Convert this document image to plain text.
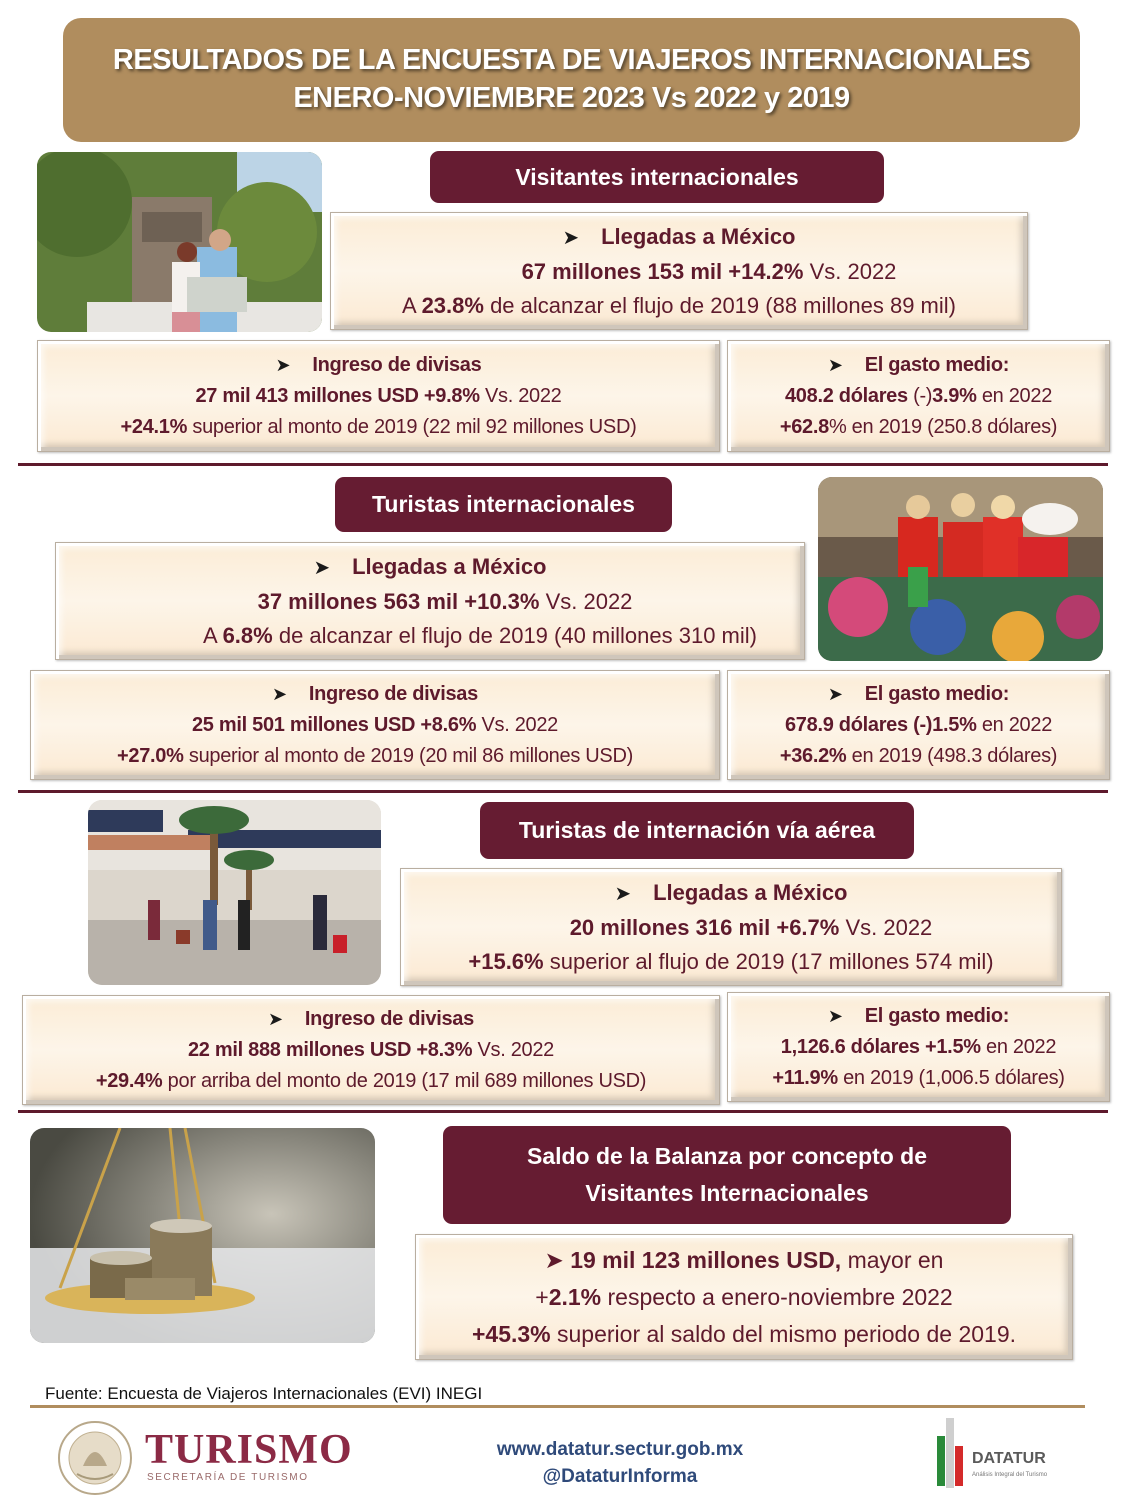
RESULTADOS DE LA ENCUESTA DE VIAJEROS INTERNACIONALES
ENERO-NOVIEMBRE 2023 Vs 2022 y 2019
Visitantes internacionales
➤ Llegadas a México
67 millones 153 mil +14.2% Vs. 2022
A 23.8% de alcanzar el flujo de 2019 (88 millones 89 mil)
➤ Ingreso de divisas
27 mil 413 millones USD +9.8% Vs. 2022
+24.1% superior al monto de 2019 (22 mil 92 millones USD)
➤ El gasto medio:
408.2 dólares (-)3.9% en 2022
+62.8% en 2019 (250.8 dólares)
Turistas internacionales
➤ Llegadas a México
37 millones 563 mil +10.3% Vs. 2022
A 6.8% de alcanzar el flujo de 2019 (40 millones 310 mil)
➤ Ingreso de divisas
25 mil 501 millones USD +8.6% Vs. 2022
+27.0% superior al monto de 2019 (20 mil 86 millones USD)
➤ El gasto medio:
678.9 dólares (-)1.5% en 2022
+36.2% en 2019 (498.3 dólares)
Turistas de internación vía aérea
➤ Llegadas a México
20 millones 316 mil +6.7% Vs. 2022
+15.6% superior al flujo de 2019 (17 millones 574 mil)
➤ Ingreso de divisas
22 mil 888 millones USD +8.3% Vs. 2022
+29.4% por arriba del monto de 2019 (17 mil 689 millones USD)
➤ El gasto medio:
1,126.6 dólares +1.5% en 2022
+11.9% en 2019 (1,006.5 dólares)
Saldo de la Balanza por concepto de
Visitantes Internacionales
➤ 19 mil 123 millones USD, mayor en
+2.1% respecto a enero-noviembre 2022
+45.3% superior al saldo del mismo periodo de 2019.
Fuente: Encuesta de Viajeros Internacionales (EVI) INEGI
TURISMO
SECRETARÍA DE TURISMO
www.datatur.sectur.gob.mx
@DataturInforma
DATATUR
Análisis Integral del Turismo
